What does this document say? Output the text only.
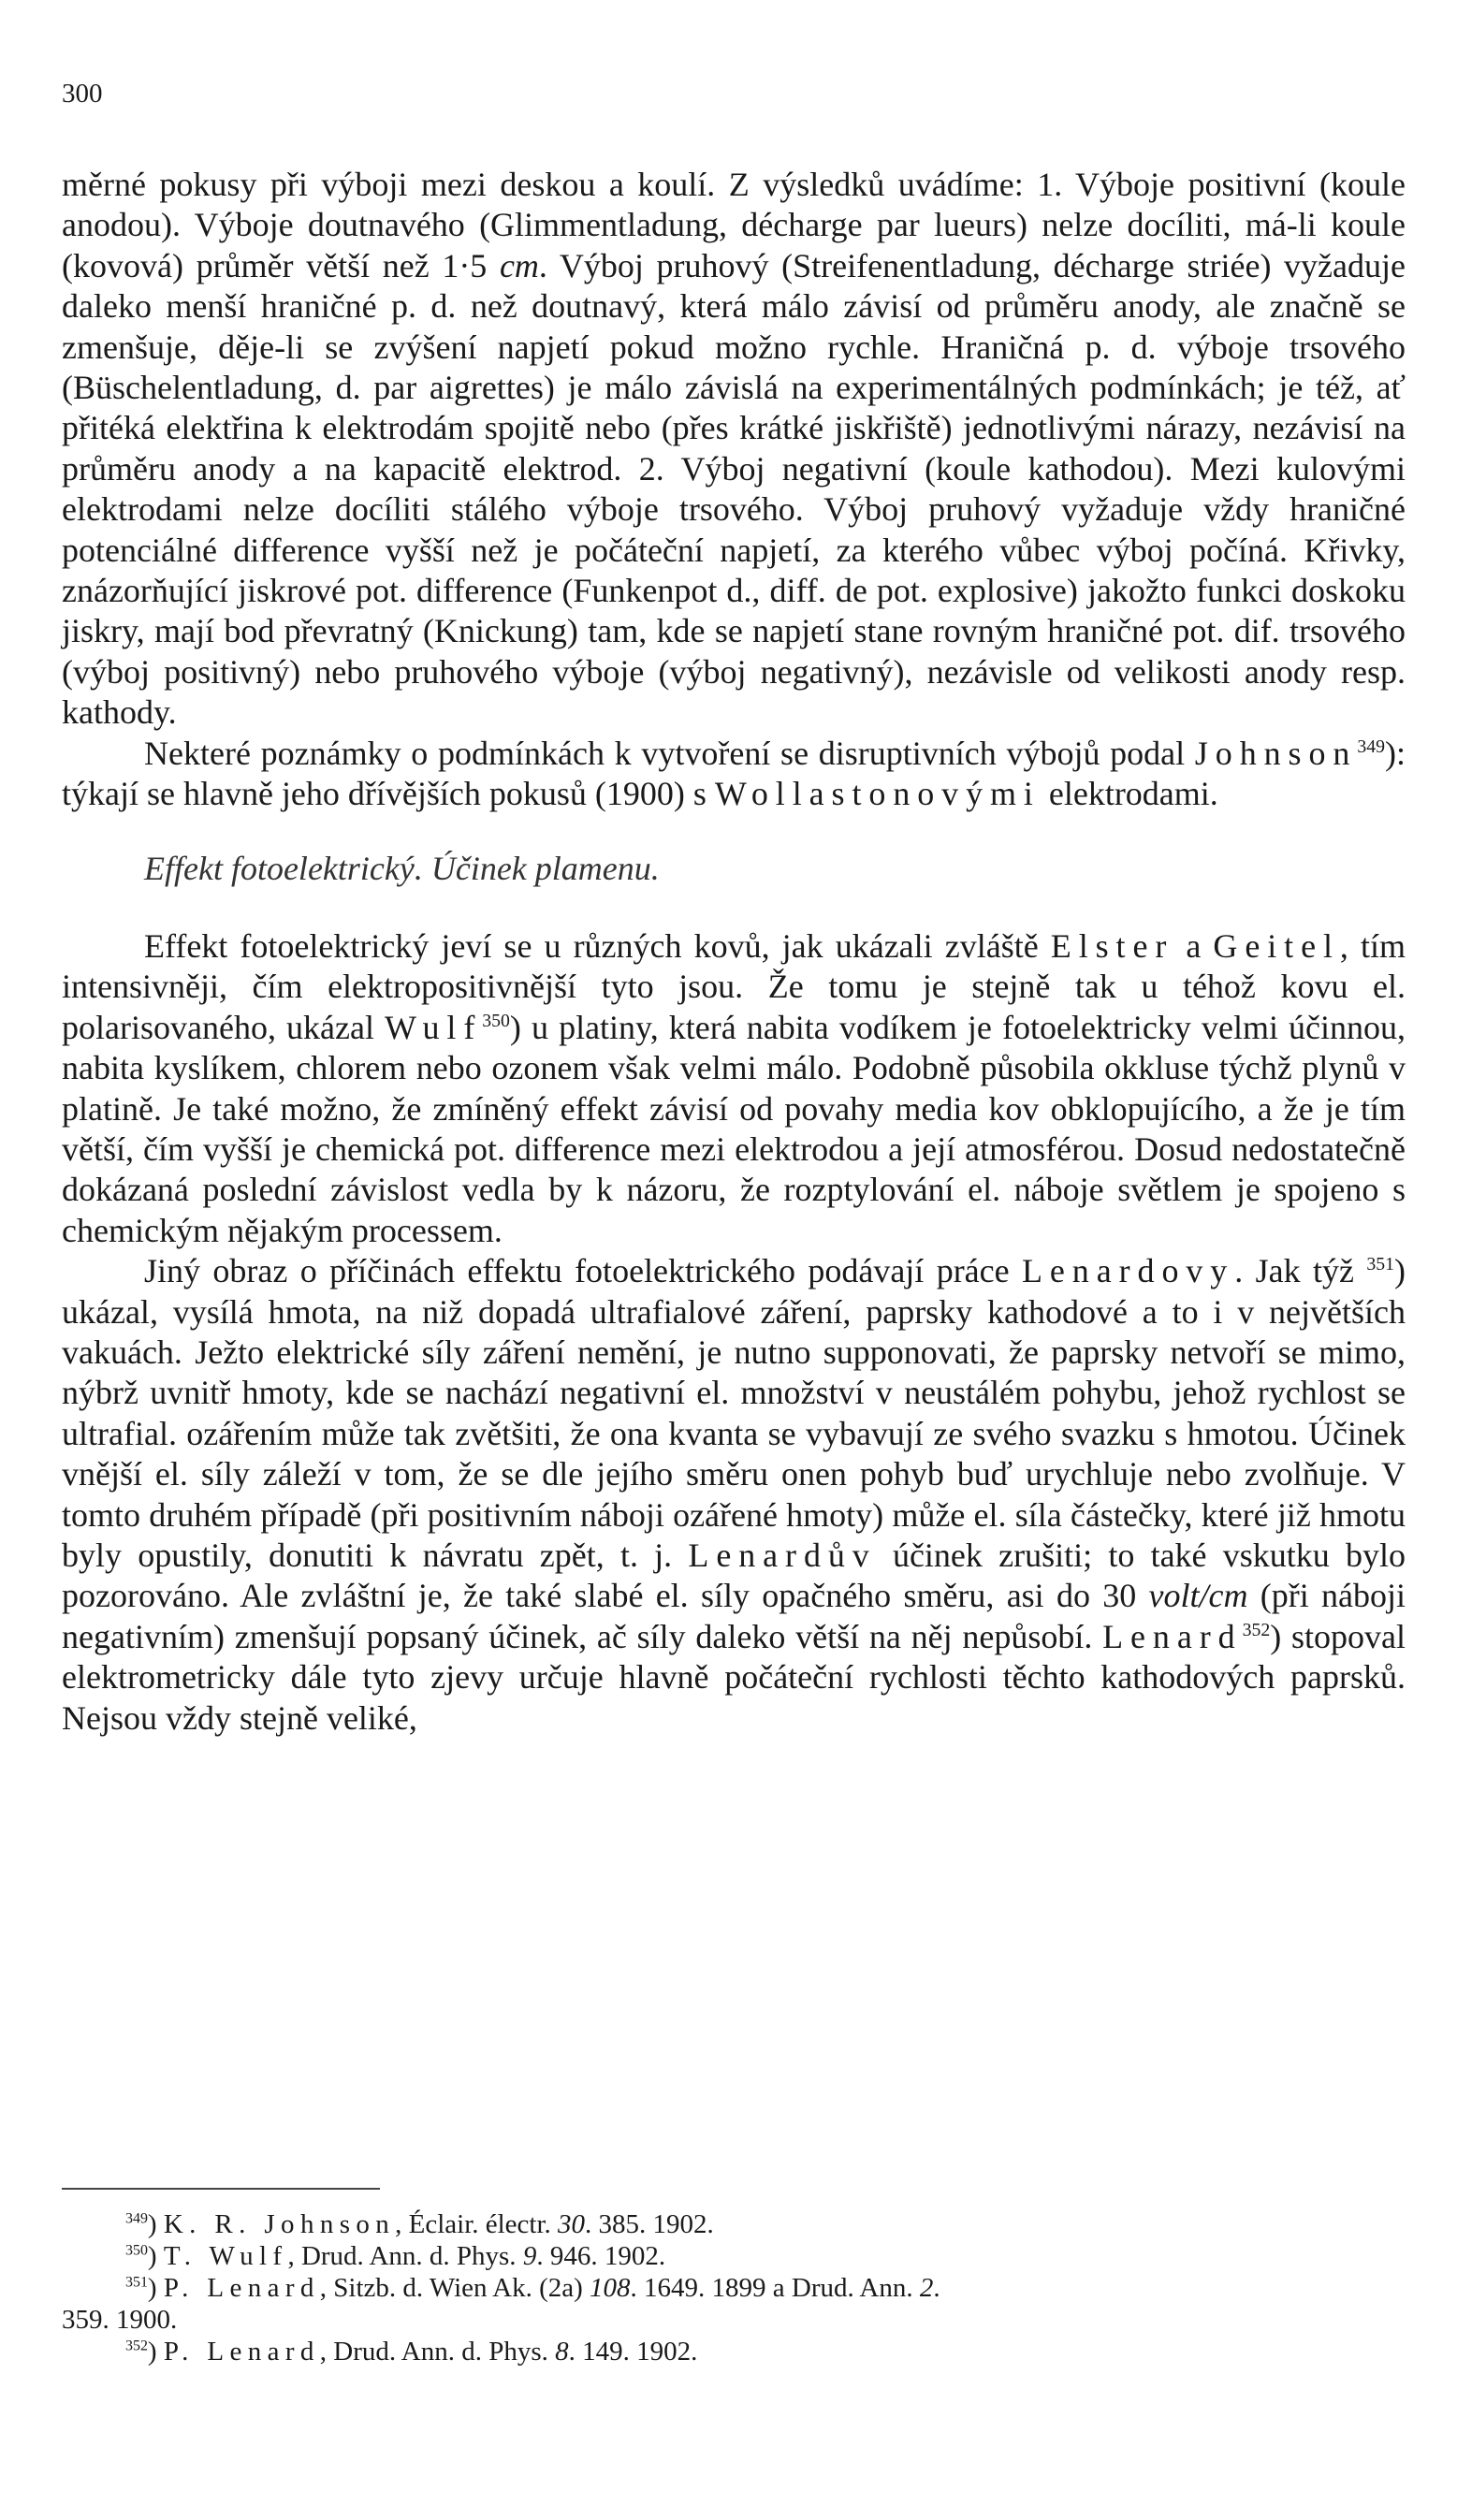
300

měrné pokusy při výboji mezi deskou a koulí. Z výsledků uvádíme: 1. Výboje positivní (koule anodou). Výboje doutnavého (Glimmentladung, décharge par lueurs) nelze docíliti, má-li koule (kovová) průměr větší než 1·5 cm. Výboj pruhový (Streifenentladung, décharge striée) vyžaduje daleko menší hraničné p. d. než doutnavý, která málo závisí od průměru anody, ale značně se zmenšuje, děje-li se zvýšení napjetí pokud možno rychle. Hraničná p. d. výboje trsového (Büschelentladung, d. par aigrettes) je málo závislá na experimentálných podmínkách; je též, ať přitéká elektřina k elektrodám spojitě nebo (přes krátké jiskřiště) jednotlivými nárazy, nezávisí na průměru anody a na kapacitě elektrod. 2. Výboj negativní (koule kathodou). Mezi kulovými elektrodami nelze docíliti stálého výboje trsového. Výboj pruhový vyžaduje vždy hraničné potenciálné difference vyšší než je počáteční napjetí, za kterého vůbec výboj počíná. Křivky, znázorňující jiskrové pot. difference (Funkenpot d., diff. de pot. explosive) jakožto funkci doskoku jiskry, mají bod převratný (Knickung) tam, kde se napjetí stane rovným hraničné pot. dif. trsového (výboj positivný) nebo pruhového výboje (výboj negativný), nezávisle od velikosti anody resp. kathody.

Nekteré poznámky o podmínkách k vytvoření se disruptivních výbojů podal Johnson$^{349}$): týkají se hlavně jeho dřívějších pokusů (1900) s Wollastonovými elektrodami.

Effekt fotoelektrický. Účinek plamenu.

Effekt fotoelektrický jeví se u různých kovů, jak ukázali zvláště Elster a Geitel, tím intensivněji, čím elektropositivnější tyto jsou. Že tomu je stejně tak u téhož kovu el. polarisovaného, ukázal Wulf$^{350}$) u platiny, která nabita vodíkem je fotoelektricky velmi účinnou, nabita kyslíkem, chlorem nebo ozonem však velmi málo. Podobně působila okkluse týchž plynů v platině. Je také možno, že zmíněný effekt závisí od povahy media kov obklopujícího, a že je tím větší, čím vyšší je chemická pot. difference mezi elektrodou a její atmosférou. Dosud nedostatečně dokázaná poslední závislost vedla by k názoru, že rozptylování el. náboje světlem je spojeno s chemickým nějakým processem.

Jiný obraz o příčinách effektu fotoelektrického podávají práce Lenardovy. Jak týž $^{351}$) ukázal, vysílá hmota, na niž dopadá ultrafialové záření, paprsky kathodové a to i v největších vakuách. Ježto elektrické síly záření nemění, je nutno supponovati, že paprsky netvoří se mimo, nýbrž uvnitř hmoty, kde se nachází negativní el. množství v neustálém pohybu, jehož rychlost se ultrafial. ozářením může tak zvětšiti, že ona kvanta se vybavují ze svého svazku s hmotou. Účinek vnější el. síly záleží v tom, že se dle jejího směru onen pohyb buď urychluje nebo zvolňuje. V tomto druhém případě (při positivním náboji ozářené hmoty) může el. síla částečky, které již hmotu byly opustily, donutiti k návratu zpět, t. j. Lenardův účinek zrušiti; to také vskutku bylo pozorováno. Ale zvláštní je, že také slabé el. síly opačného směru, asi do 30 volt/cm (při náboji negativním) zmenšují popsaný účinek, ač síly daleko větší na něj nepůsobí. Lenard$^{352}$) stopoval elektrometricky dále tyto zjevy určuje hlavně počáteční rychlosti těchto kathodových paprsků. Nejsou vždy stejně veliké,

$^{349}$) K. R. Johnson, Éclair. électr. 30. 385. 1902.

$^{350}$) T. Wulf, Drud. Ann. d. Phys. 9. 946. 1902.

$^{351}$) P. Lenard, Sitzb. d. Wien Ak. (2a) 108. 1649. 1899 a Drud. Ann. 2.

359. 1900.

$^{352}$) P. Lenard, Drud. Ann. d. Phys. 8. 149. 1902.
